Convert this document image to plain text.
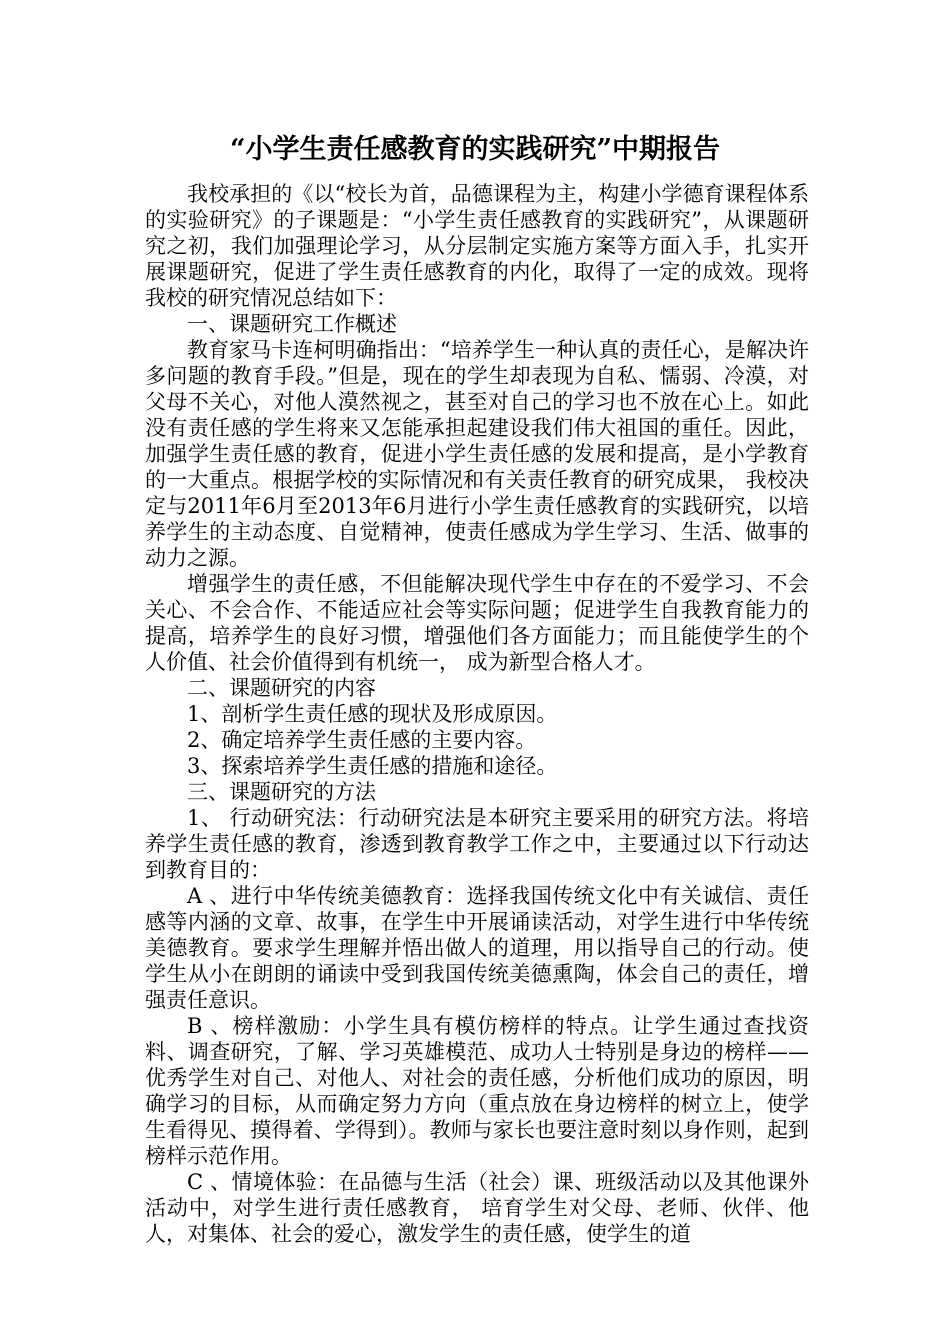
“小学生责任感教育的实践研究”中期报告

我校承担的《以“校长为首，品德课程为主，构建小学德育课程体系的实验研究》的子课题是：“小学生责任感教育的实践研究”，从课题研究之初，我们加强理论学习，从分层制定实施方案等方面入手，扎实开展课题研究，促进了学生责任感教育的内化，取得了一定的成效。现将我校的研究情况总结如下：

一、课题研究工作概述

教育家马卡连柯明确指出：“培养学生一种认真的责任心，是解决许多问题的教育手段。”但是，现在的学生却表现为自私、懦弱、冷漠，对父母不关心，对他人漠然视之，甚至对自己的学习也不放在心上。如此没有责任感的学生将来又怎能承担起建设我们伟大祖国的重任。因此，加强学生责任感的教育，促进小学生责任感的发展和提高，是小学教育的一大重点。根据学校的实际情况和有关责任教育的研究成果， 我校决定与2011年6月至2013年6月进行小学生责任感教育的实践研究，以培养学生的主动态度、自觉精神，使责任感成为学生学习、生活、做事的动力之源。

增强学生的责任感，不但能解决现代学生中存在的不爱学习、不会关心、不会合作、不能适应社会等实际问题；促进学生自我教育能力的提高，培养学生的良好习惯，增强他们各方面能力；而且能使学生的个人价值、社会价值得到有机统一， 成为新型合格人才。

二、课题研究的内容

1、剖析学生责任感的现状及形成原因。

2、确定培养学生责任感的主要内容。

3、探索培养学生责任感的措施和途径。

三、课题研究的方法

1、 行动研究法：行动研究法是本研究主要采用的研究方法。将培养学生责任感的教育，渗透到教育教学工作之中，主要通过以下行动达到教育目的：

A 、进行中华传统美德教育：选择我国传统文化中有关诚信、责任感等内涵的文章、故事，在学生中开展诵读活动，对学生进行中华传统美德教育。要求学生理解并悟出做人的道理，用以指导自己的行动。使学生从小在朗朗的诵读中受到我国传统美德熏陶，体会自己的责任，增强责任意识。

B 、榜样激励：小学生具有模仿榜样的特点。让学生通过查找资料、调查研究，了解、学习英雄模范、成功人士特别是身边的榜样——优秀学生对自己、对他人、对社会的责任感，分析他们成功的原因，明确学习的目标，从而确定努力方向（重点放在身边榜样的树立上，使学生看得见、摸得着、学得到）。教师与家长也要注意时刻以身作则，起到榜样示范作用。

C 、情境体验：在品德与生活（社会）课、班级活动以及其他课外活动中，对学生进行责任感教育， 培育学生对父母、老师、伙伴、他人，对集体、社会的爱心，激发学生的责任感，使学生的道
